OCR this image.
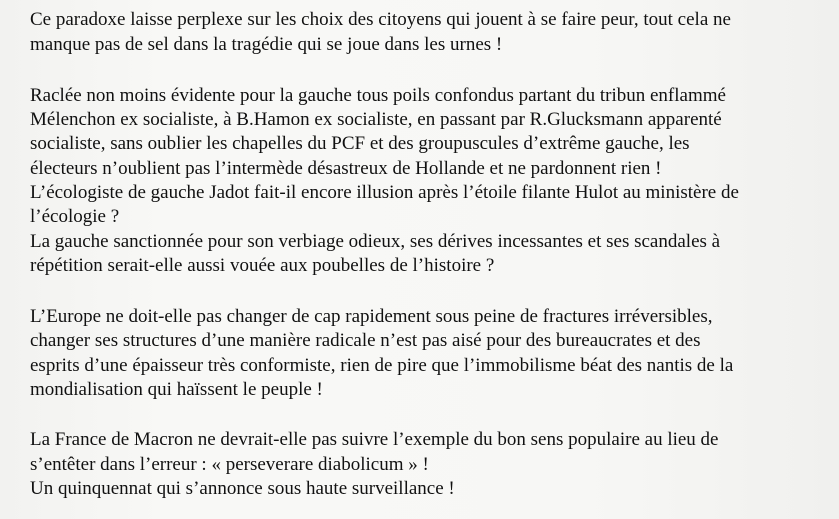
Ce paradoxe laisse perplexe sur les choix des citoyens qui jouent à se faire peur, tout cela ne
manque pas de sel dans la tragédie qui se joue dans les urnes !
Raclée non moins évidente pour la gauche tous poils confondus partant du tribun enflammé
Mélenchon ex socialiste, à B.Hamon ex socialiste, en passant par R.Glucksmann apparenté
socialiste, sans oublier les chapelles du PCF et des groupuscules d’extrême gauche, les
électeurs n’oublient pas l’intermède désastreux de Hollande et ne pardonnent rien !
L’écologiste de gauche Jadot fait-il encore illusion après l’étoile filante Hulot au ministère de
l’écologie ?
La gauche sanctionnée pour son verbiage odieux, ses dérives incessantes et ses scandales à
répétition serait-elle aussi vouée aux poubelles de l’histoire ?
L’Europe ne doit-elle pas changer de cap rapidement sous peine de fractures irréversibles,
changer ses structures d’une manière radicale n’est pas aisé pour des bureaucrates et des
esprits d’une épaisseur très conformiste, rien de pire que l’immobilisme béat des nantis de la
mondialisation qui haïssent le peuple !
La France de Macron ne devrait-elle pas suivre l’exemple du bon sens populaire au lieu de
s’entêter dans l’erreur : « perseverare diabolicum » !
Un quinquennat qui s’annonce sous haute surveillance !
